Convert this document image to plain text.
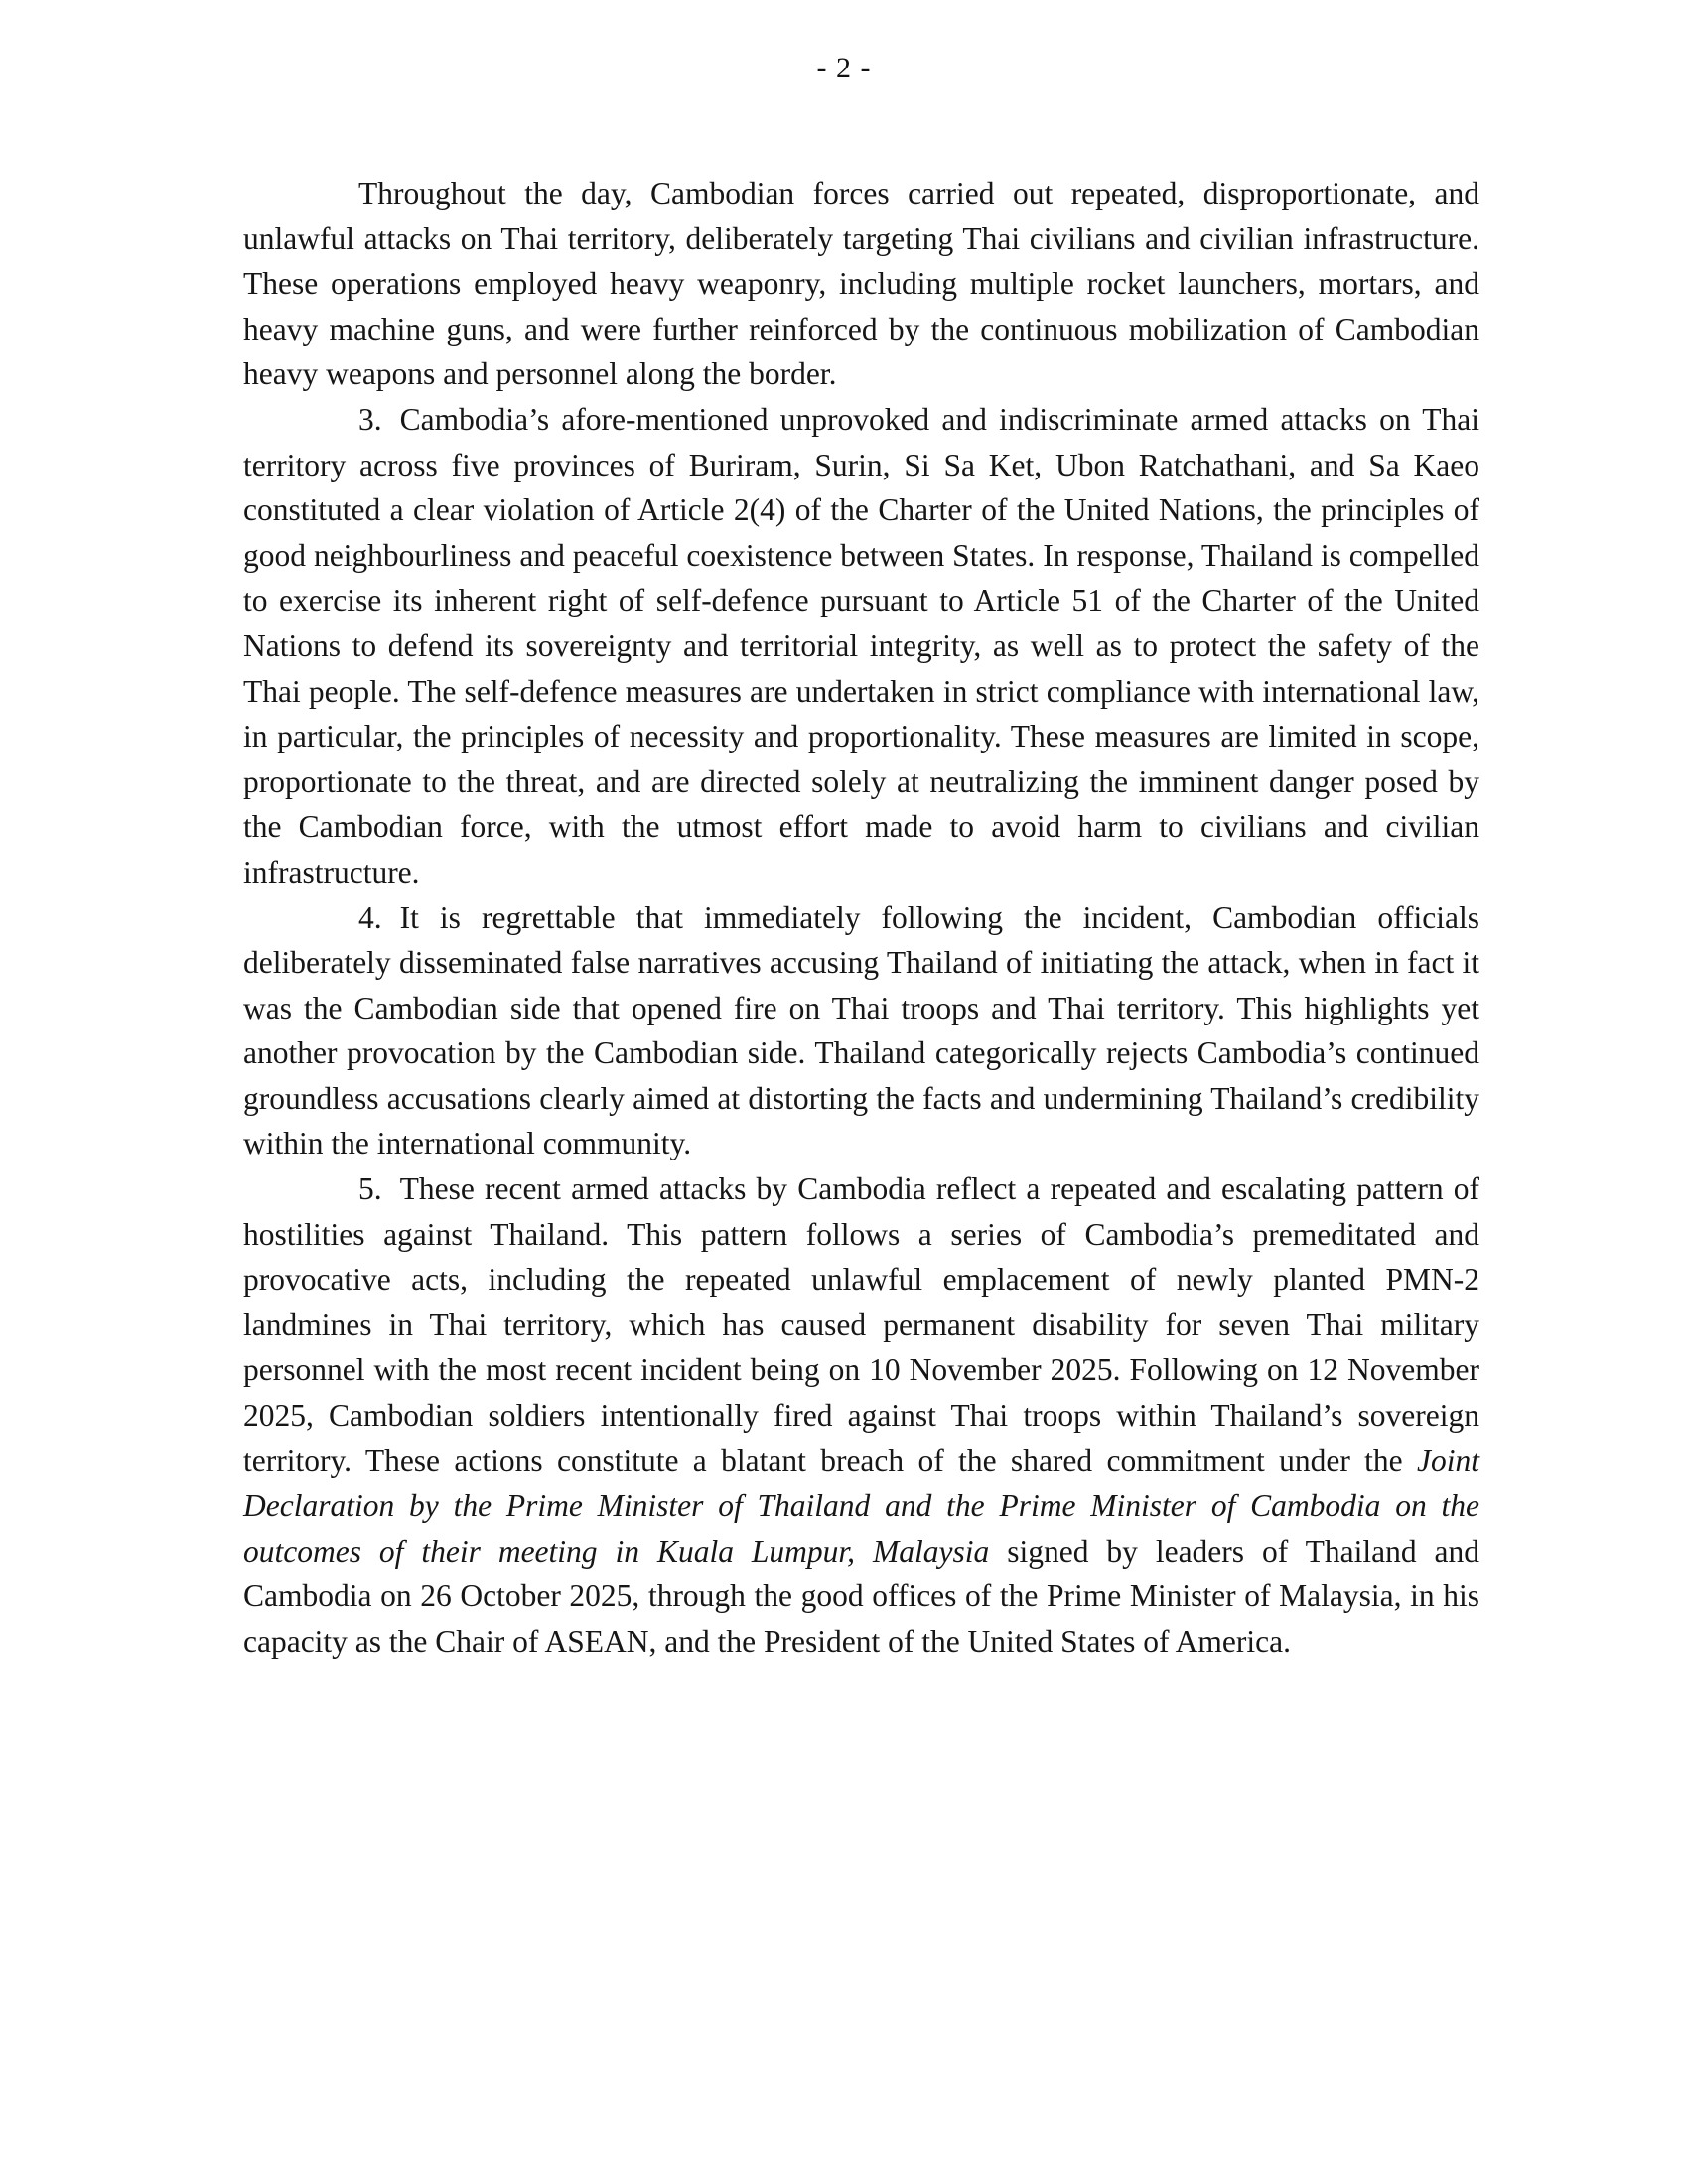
- 2 -

Throughout the day, Cambodian forces carried out repeated, disproportionate, and unlawful attacks on Thai territory, deliberately targeting Thai civilians and civilian infrastructure. These operations employed heavy weaponry, including multiple rocket launchers, mortars, and heavy machine guns, and were further reinforced by the continuous mobilization of Cambodian heavy weapons and personnel along the border.

3. Cambodia’s afore-mentioned unprovoked and indiscriminate armed attacks on Thai territory across five provinces of Buriram, Surin, Si Sa Ket, Ubon Ratchathani, and Sa Kaeo constituted a clear violation of Article 2(4) of the Charter of the United Nations, the principles of good neighbourliness and peaceful coexistence between States. In response, Thailand is compelled to exercise its inherent right of self-defence pursuant to Article 51 of the Charter of the United Nations to defend its sovereignty and territorial integrity, as well as to protect the safety of the Thai people. The self-defence measures are undertaken in strict compliance with international law, in particular, the principles of necessity and proportionality. These measures are limited in scope, proportionate to the threat, and are directed solely at neutralizing the imminent danger posed by the Cambodian force, with the utmost effort made to avoid harm to civilians and civilian infrastructure.

4. It is regrettable that immediately following the incident, Cambodian officials deliberately disseminated false narratives accusing Thailand of initiating the attack, when in fact it was the Cambodian side that opened fire on Thai troops and Thai territory. This highlights yet another provocation by the Cambodian side. Thailand categorically rejects Cambodia’s continued groundless accusations clearly aimed at distorting the facts and undermining Thailand’s credibility within the international community.

5. These recent armed attacks by Cambodia reflect a repeated and escalating pattern of hostilities against Thailand. This pattern follows a series of Cambodia’s premeditated and provocative acts, including the repeated unlawful emplacement of newly planted PMN-2 landmines in Thai territory, which has caused permanent disability for seven Thai military personnel with the most recent incident being on 10 November 2025. Following on 12 November 2025, Cambodian soldiers intentionally fired against Thai troops within Thailand’s sovereign territory. These actions constitute a blatant breach of the shared commitment under the Joint Declaration by the Prime Minister of Thailand and the Prime Minister of Cambodia on the outcomes of their meeting in Kuala Lumpur, Malaysia signed by leaders of Thailand and Cambodia on 26 October 2025, through the good offices of the Prime Minister of Malaysia, in his capacity as the Chair of ASEAN, and the President of the United States of America.
